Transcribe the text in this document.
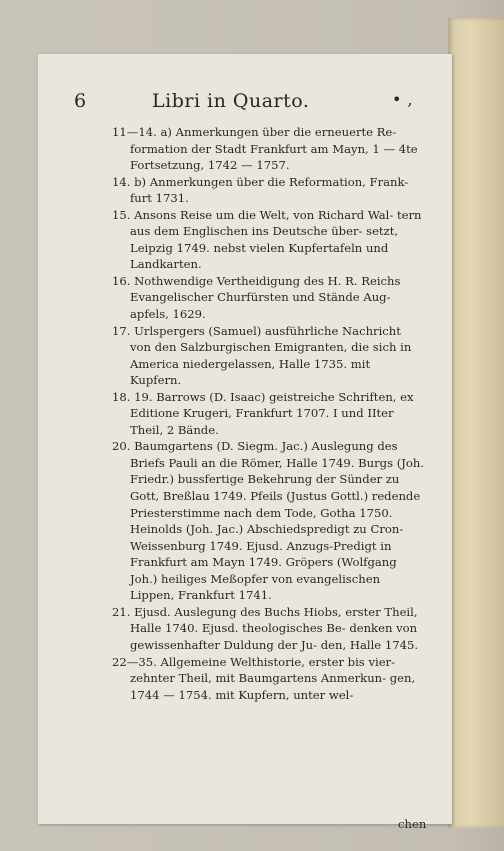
6	Libri in Quarto.	• ,

11—14. a) Anmerkungen über die erneuerte Re-formation der Stadt Frankfurt am Mayn, 1 — 4te Fortsetzung, 1742 — 1757.

14. b) Anmerkungen über die Reformation, Frank-furt 1731.

15. Ansons Reise um die Welt, von Richard Wal- tern aus dem Englischen ins Deutsche über- setzt, Leipzig 1749. nebst vielen Kupfertafeln und Landkarten.

16. Nothwendige Vertheidigung des H. R. ReichsEvangelischer Churfürsten und Stände Aug-apfels, 1629.

17. Urlspergers (Samuel) ausführliche Nachrichtvon den Salzburgischen Emigranten, die sich in America niedergelassen, Halle 1735. mitKupfern.

18. 19. Barrows (D. Isaac) geistreiche Schriften, ex Editione Krugeri, Frankfurt 1707. I und IIter Theil, 2 Bände.

20. Baumgartens (D. Siegm. Jac.) Auslegung des Briefs Pauli an die Römer, Halle 1749. Burgs (Joh. Friedr.) bussfertige Bekehrung der Sünder zu Gott, Breßlau 1749. Pfeils (Justus Gottl.) redende Priesterstimme nach dem Tode, Gotha 1750. Heinolds (Joh. Jac.) Abschiedspredigt zu Cron-Weissenburg 1749. Ejusd. Anzugs-Predigt in Frankfurt am Mayn 1749. Gröpers (Wolfgang Joh.) heiliges Meßopfer von evangelischen Lippen, Frankfurt 1741.

21. Ejusd. Auslegung des Buchs Hiobs, erster Theil, Halle 1740. Ejusd. theologisches Be- denken von gewissenhafter Duldung der Ju- den, Halle 1745.

22—35. Allgemeine Welthistorie, erster bis vier-zehnter Theil, mit Baumgartens Anmerkun- gen, 1744 — 1754. mit Kupfern, unter wel-

chen
